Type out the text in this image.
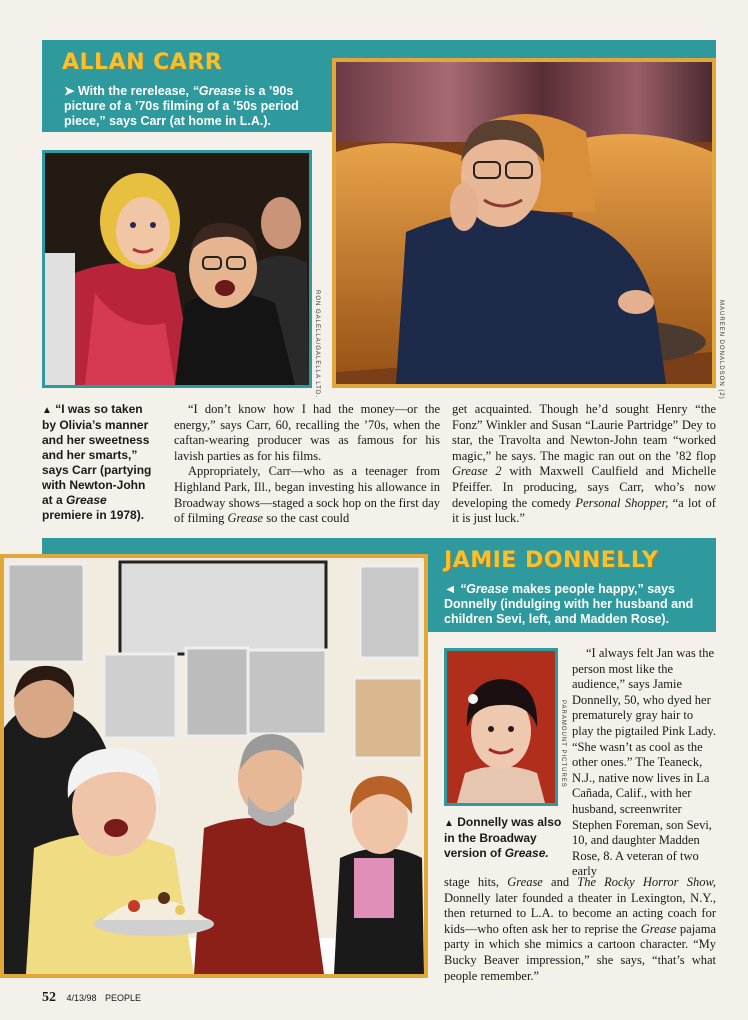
ALLAN CARR
➤ With the rerelease, “Grease is a ’90s picture of a ’70s filming of a ’50s period piece,” says Carr (at home in L.A.).
MAUREEN DONALDSON (2)
RON GALELLA/GALELLA LTD.
▲ “I was so taken by Olivia’s manner and her sweetness and her smarts,” says Carr (partying with Newton-John at a Grease premiere in 1978).
“I don’t know how I had the money—or the energy,” says Carr, 60, recalling the ’70s, when the caftan-wearing producer was as famous for his lavish parties as for his films.
Appropriately, Carr—who as a teenager from Highland Park, Ill., began investing his allowance in Broadway shows—staged a sock hop on the first day of filming Grease so the cast could
get acquainted. Though he’d sought Henry “the Fonz” Winkler and Susan “Laurie Partridge” Dey to star, the Travolta and Newton-John team “worked magic,” he says. The magic ran out on the ’82 flop Grease 2 with Maxwell Caulfield and Michelle Pfeiffer. In producing, says Carr, who’s now developing the comedy Personal Shopper, “a lot of it is just luck.”
JAMIE DONNELLY
◄ “Grease makes people happy,” says Donnelly (indulging with her husband and children Sevi, left, and Madden Rose).
PARAMOUNT PICTURES
▲ Donnelly was also in the Broadway version of Grease.
“I always felt Jan was the person most like the audience,” says Jamie Donnelly, 50, who dyed her prematurely gray hair to play the pigtailed Pink Lady. “She wasn’t as cool as the other ones.” The Teaneck, N.J., native now lives in La Cañada, Calif., with her husband, screenwriter Stephen Foreman, son Sevi, 10, and daughter Madden Rose, 8. A veteran of two early
stage hits, Grease and The Rocky Horror Show, Donnelly later founded a theater in Lexington, N.Y., then returned to L.A. to become an acting coach for kids—who often ask her to reprise the Grease pajama party in which she mimics a cartoon character. “My Bucky Beaver impression,” she says, “that’s what people remember.”
52 4/13/98 PEOPLE
